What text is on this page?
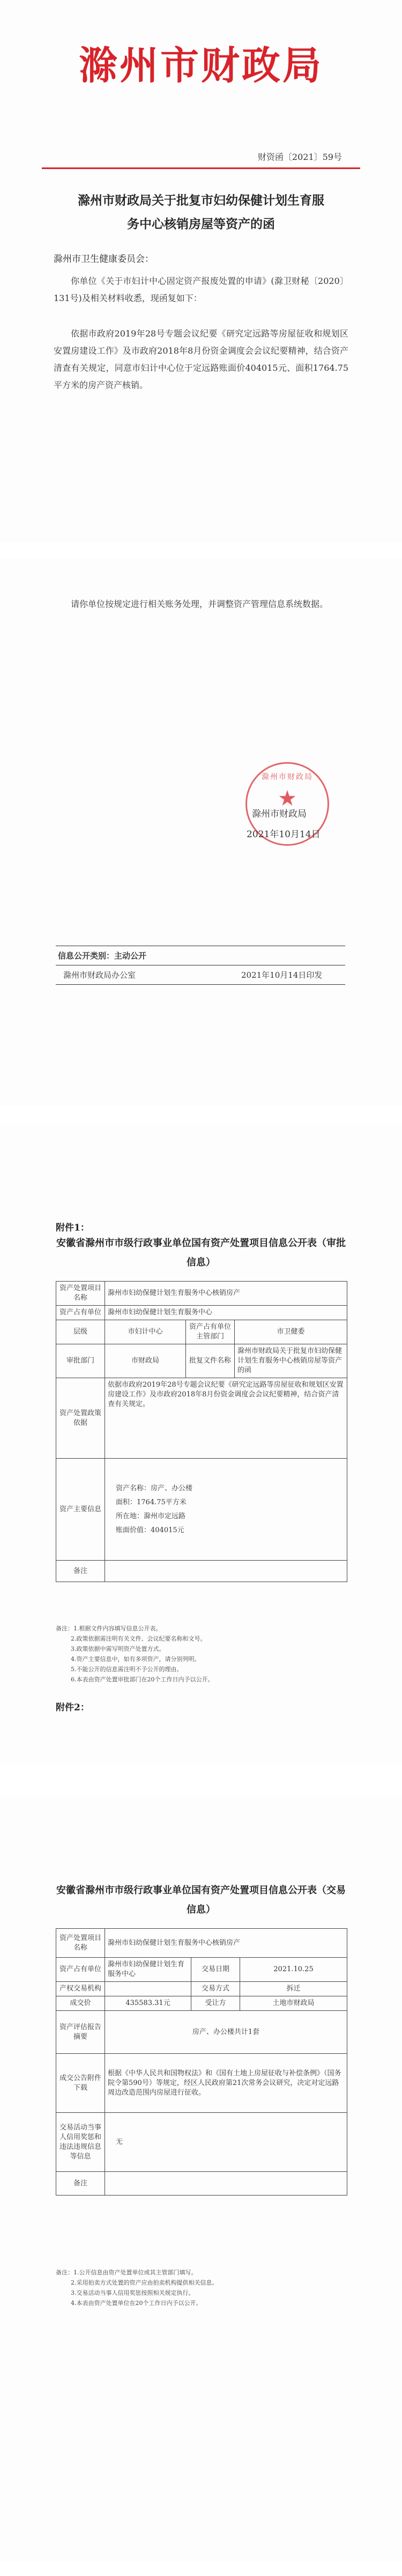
滁州市财政局
财资函〔2021〕59号
滁州市财政局关于批复市妇幼保健计划生育服务中心核销房屋等资产的函
滁州市卫生健康委员会：
你单位《关于市妇计中心固定资产报废处置的申请》(滁卫财秘〔2020〕131号)及相关材料收悉，现函复如下：
依据市政府2019年28号专题会议纪要《研究定远路等房屋征收和规划区安置房建设工作》及市政府2018年8月份资金调度会会议纪要精神，结合资产清查有关规定，同意市妇计中心位于定远路账面价404015元、面积1764.75平方米的房产资产核销。
请你单位按规定进行相关账务处理，并调整资产管理信息系统数据。
滁州市财政局
★
滁州市财政局
2021年10月14日
信息公开类别：主动公开
滁州市财政局办公室	2021年10月14日印发
附件1：
安徽省滁州市市级行政事业单位国有资产处置项目信息公开表（审批信息）
资产处置项目名称	滁州市妇幼保健计划生育服务中心核销房产		
资产占有单位	滁州市妇幼保健计划生育服务中心		
层级	市妇计中心	资产占有单位主管部门	市卫健委
审批部门	市财政局	批复文件名称	滁州市财政局关于批复市妇幼保健计划生育服务中心核销房屋等资产的函
资产处置政策依据	依据市政府2019年28号专题会议纪要《研究定远路等房屋征收和规划区安置房建设工作》及市政府2018年8月份资金调度会会议纪要精神，结合资产清查有关规定。		
资产主要信息	资产名称：房产、办公楼
面积：1764.75平方米
所在地：滁州市定远路
账面价值：404015元		

备注			
备注：1.根据文件内容填写信息公开表。
2.政策依据需注明有关文件、会议纪要名称和文号。
3.政策依据中需写明资产处置方式。
4.资产主要信息中，如有多项资产，请分别列明。
5.不能公开的信息需注明不予公开的理由。
6.本表由资产处置审批部门在20个工作日内予以公开。
附件2：
安徽省滁州市市级行政事业单位国有资产处置项目信息公开表（交易信息）
资产处置项目名称	滁州市妇幼保健计划生育服务中心核销房产		
资产占有单位	滁州市妇幼保健计划生育服务中心	交易日期	2021.10.25
产权交易机构		交易方式	拆迁
成交价	435583.31元	受让方	土地市财政局
资产评估报告摘要	房产、办公楼共计1套		
成交公告附件下载	根据《中华人民共和国物权法》和《国有土地上房屋征收与补偿条例》（国务院令第590号）等规定，经区人民政府第21次常务会议研究，决定对定远路周边改造范围内房屋进行征收。		
交易活动当事人信用奖惩和违法违规信息等信息	无		
备注			
备注：1.公开信息由资产处置单位或其主管部门填写。
2.采用拍卖方式处置的资产应由拍卖机构提供相关信息。
3.交易活动当事人信用奖惩按照相关规定执行。
4.本表由资产处置单位在20个工作日内予以公开。
